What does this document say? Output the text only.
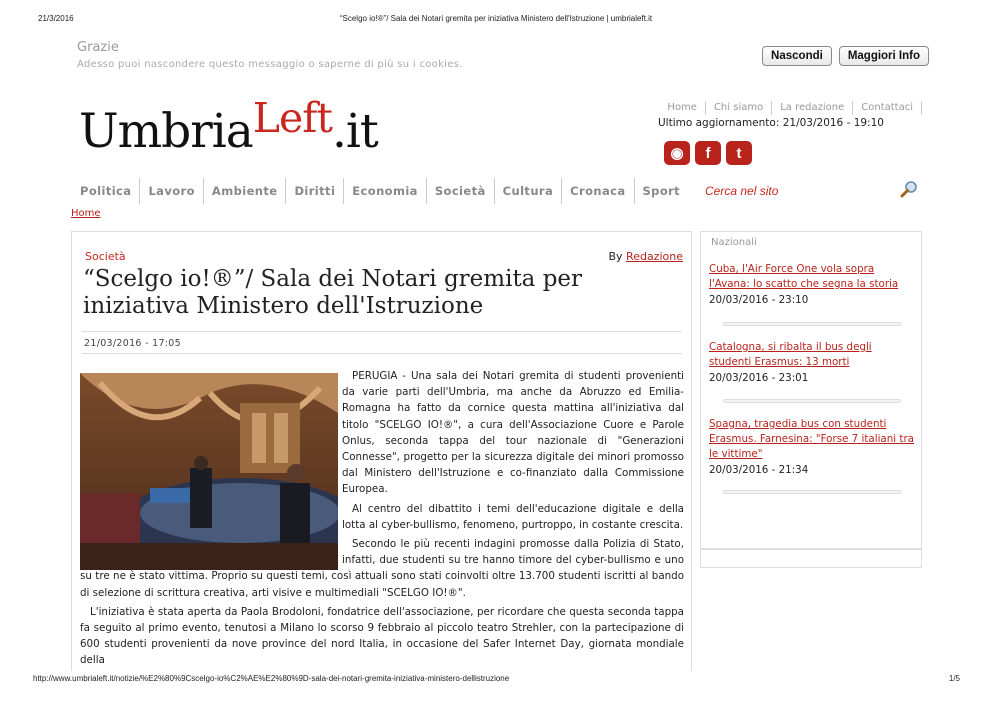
21/3/2016	“Scelgo io!®”/ Sala dei Notari gremita per iniziativa Ministero dell'Istruzione | umbrialeft.it
Grazie
Adesso puoi nascondere questo messaggio o saperne di più su i cookies.
Nascondi	Maggiori Info
UmbriaLeft.it	Home	Chi siamo	La redazione	Contattaci
Ultimo aggiornamento: 21/03/2016 - 19:10
◉	f	t
Politica	Lavoro	Ambiente	Diritti	Economia	Società	Cultura	Cronaca	Sport	Cerca nel sito
Home
Società	By Redazione
“Scelgo io!®”/ Sala dei Notari gremita per iniziativa Ministero dell'Istruzione
21/03/2016 - 17:05

PERUGIA - Una sala dei Notari gremita di studenti provenienti da varie parti dell'Umbria, ma anche da Abruzzo ed Emilia-Romagna ha fatto da cornice questa mattina all'iniziativa dal titolo "SCELGO IO!®", a cura dell'Associazione Cuore e Parole Onlus, seconda tappa del tour nazionale di "Generazioni Connesse", progetto per la sicurezza digitale dei minori promosso dal Ministero dell'Istruzione e co-finanziato dalla Commissione Europea.

Al centro del dibattito i temi dell'educazione digitale e della lotta al cyber-bullismo, fenomeno, purtroppo, in costante crescita.

Secondo le più recenti indagini promosse dalla Polizia di Stato, infatti, due studenti su tre hanno timore del cyber-bullismo e uno su tre ne è stato vittima. Proprio su questi temi, così attuali sono stati coinvolti oltre 13.700 studenti iscritti al bando di selezione di scrittura creativa, arti visive e multimediali "SCELGO IO!®".

L'iniziativa è stata aperta da Paola Brodoloni, fondatrice dell'associazione, per ricordare che questa seconda tappa fa seguito al primo evento, tenutosi a Milano lo scorso 9 febbraio al piccolo teatro Strehler, con la partecipazione di 600 studenti provenienti da nove province del nord Italia, in occasione del Safer Internet Day, giornata mondiale della

Nazionali
Cuba, l'Air Force One vola sopra l'Avana: lo scatto che segna la storia
20/03/2016 - 23:10
Catalogna, si ribalta il bus degli studenti Erasmus: 13 morti
20/03/2016 - 23:01
Spagna, tragedia bus con studenti Erasmus. Farnesina: "Forse 7 italiani tra le vittime"
20/03/2016 - 21:34
http://www.umbrialeft.it/notizie/%E2%80%9Cscelgo-io%C2%AE%E2%80%9D-sala-dei-notari-gremita-iniziativa-ministero-dellistruzione	1/5
